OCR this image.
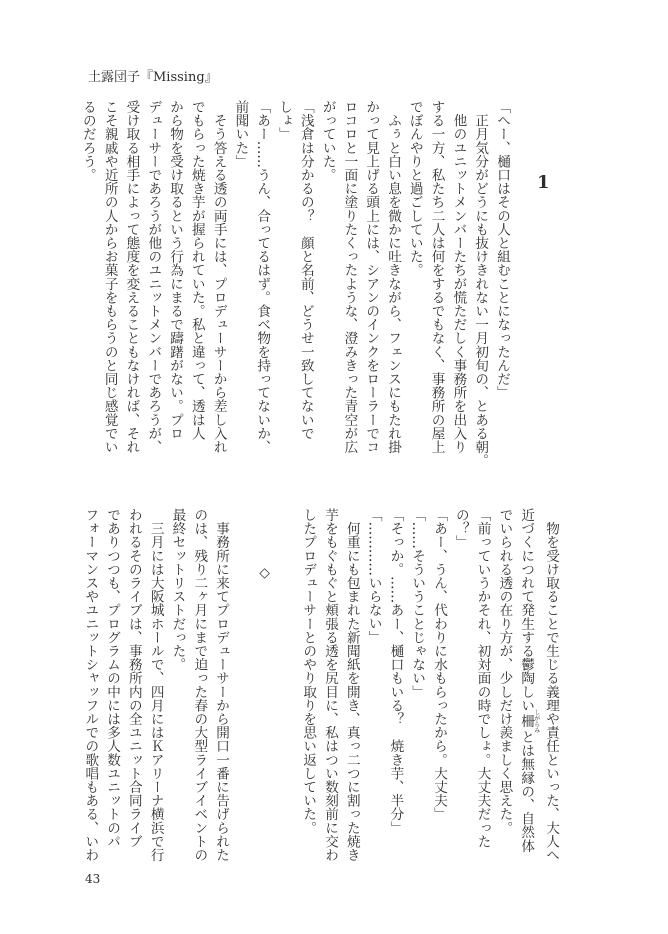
土露団子『Missing』
1
「へー、樋口はその人と組むことになったんだ」
　正月気分がどうにも抜けきれない一月初旬の、とある朝。
　他のユニットメンバーたちが慌ただしく事務所を出入り
する一方、私たち二人は何をするでもなく、事務所の屋上
でぼんやりと過ごしていた。
　ふぅと白い息を微かに吐きながら、フェンスにもたれ掛
かって見上げる頭上には、シアンのインクをローラーでコ
ロコロと一面に塗りたくったような、澄みきった青空が広
がっていた。
「浅倉は分かるの？　顔と名前、どうせ一致してないで
しょ」
「あー……うん、合ってるはず。食べ物を持ってないか、
前聞いた」
　そう答える透の両手には、プロデューサーから差し入れ
でもらった焼き芋が握られていた。私と違って、透は人
から物を受け取るという行為にまるで躊躇がない。プロ
デューサーであろうが他のユニットメンバーであろうが、
受け取る相手によって態度を変えることもなければ、それ
こそ親戚や近所の人からお菓子をもらうのと同じ感覚でい
るのだろう。
　物を受け取ることで生じる義理や責任といった、大人へ
近づくにつれて発生する鬱陶しい柵しがらみとは無縁の、自然体
でいられる透の在り方が、少しだけ羨ましく思えた。
「前っていうかそれ、初対面の時でしょ。大丈夫だった
の？」
「あー、うん、代わりに水もらったから。大丈夫」
「……そういうことじゃない」
「そっか。……あー、樋口もいる？　焼き芋、半分」
「…………いらない」
　何重にも包まれた新聞紙を開き、真っ二つに割った焼き
芋をもぐもぐと頬張る透を尻目に、私はつい数刻前に交わ
したプロデューサーとのやり取りを思い返していた。

◇

　事務所に来てプロデューサーから開口一番に告げられた
のは、残り二ヶ月にまで迫った春の大型ライブイベントの
最終セットリストだった。
　三月には大阪城ホールで、四月にはＫアリーナ横浜で行
われるそのライブは、事務所内の全ユニット合同ライブ
でありつつも、プログラムの中には多人数ユニットのパ
フォーマンスやユニットシャッフルでの歌唱もある、いわ
43
